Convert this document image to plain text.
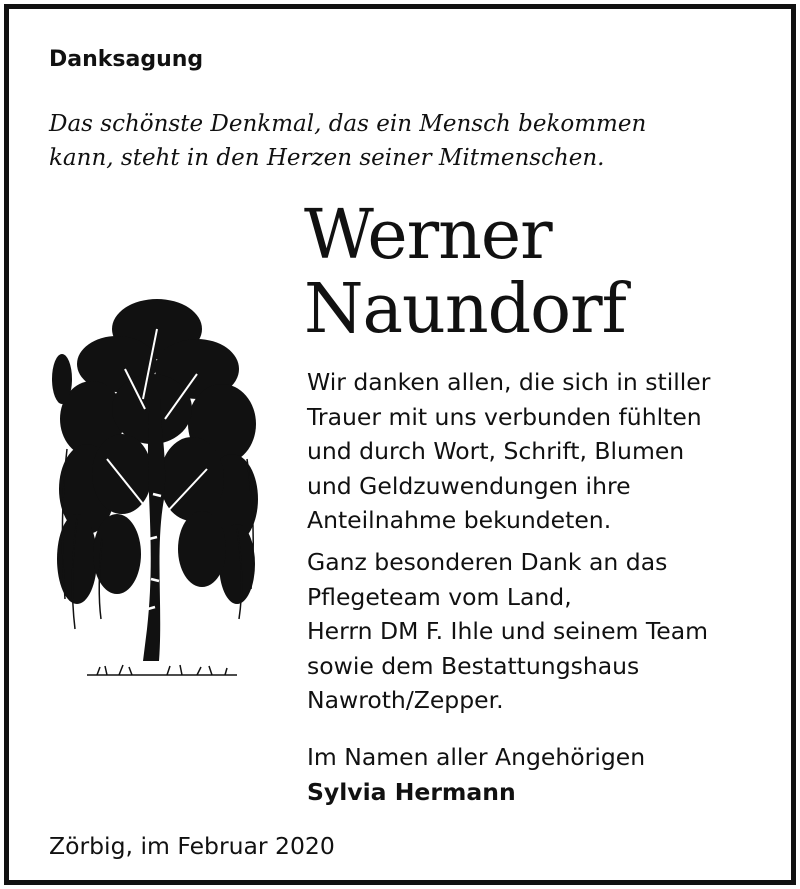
Danksagung
Das schönste Denkmal, das ein Mensch bekommen
kann, steht in den Herzen seiner Mitmenschen.
Werner
Naundorf
Wir danken allen, die sich in stiller
Trauer mit uns verbunden fühlten
und durch Wort, Schrift, Blumen
und Geldzuwendungen ihre
Anteilnahme bekundeten.
Ganz besonderen Dank an das
Pflegeteam vom Land,
Herrn DM F. Ihle und seinem Team
sowie dem Bestattungshaus
Nawroth/Zepper.
Im Namen aller Angehörigen
Sylvia Hermann
Zörbig, im Februar 2020
